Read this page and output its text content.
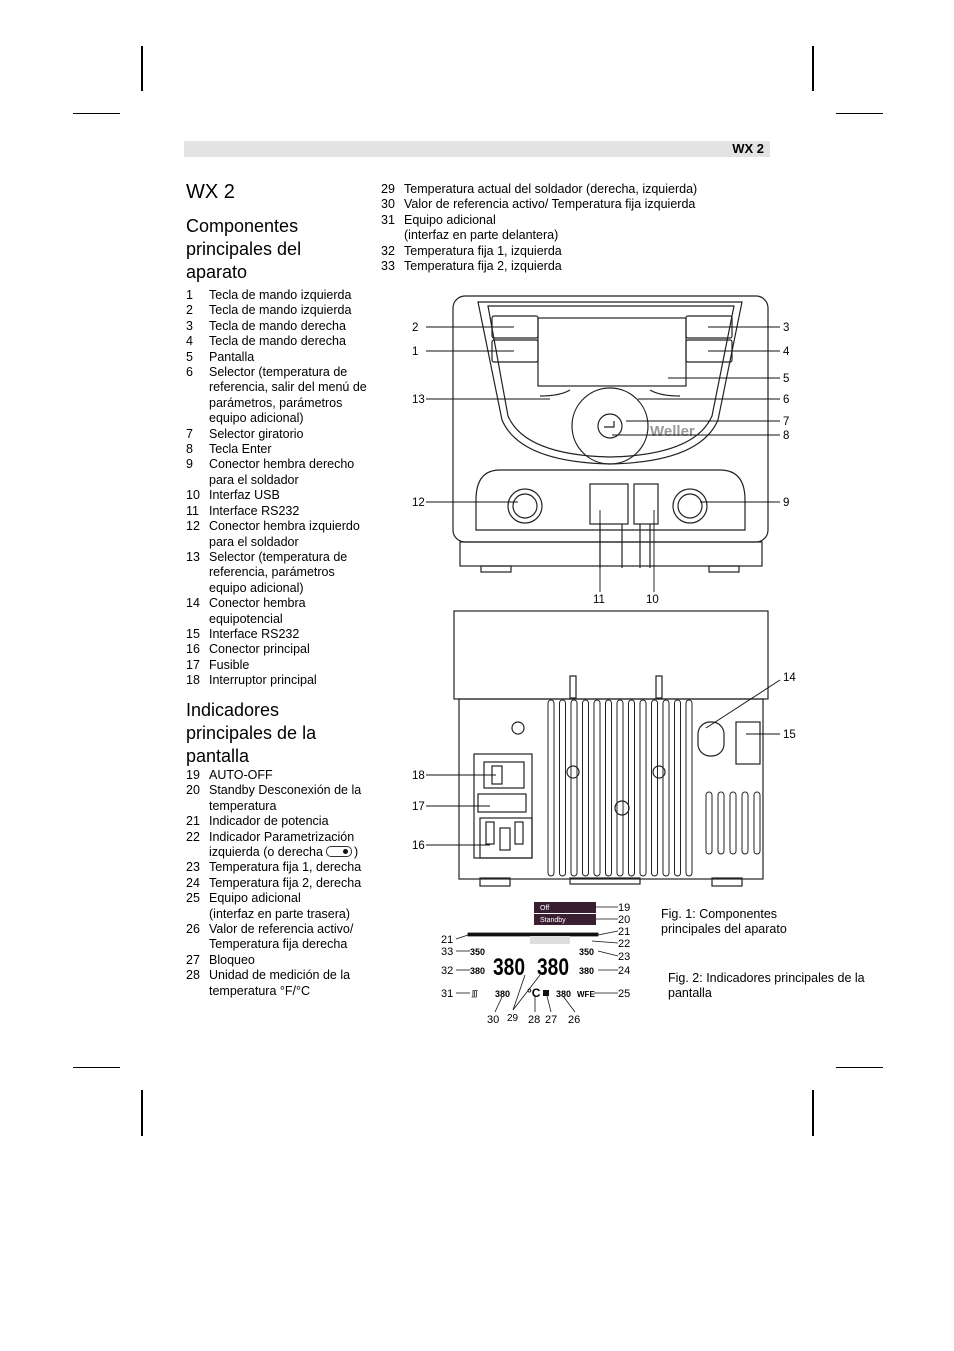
WX 2
WX 2
Componentes
principales del
aparato
1 Tecla de mando izquierda
2 Tecla de mando izquierda
3 Tecla de mando derecha
4 Tecla de mando derecha
5 Pantalla
6 Selector (temperatura de
referencia, salir del menú de
parámetros, parámetros
equipo adicional)
7 Selector giratorio
8 Tecla Enter
9 Conector hembra derecho
para el soldador
10 Interfaz USB
11 Interface RS232
12 Conector hembra izquierdo
para el soldador
13 Selector (temperatura de
referencia, parámetros
equipo adicional)
14 Conector hembra
equipotencial
15 Interface RS232
16 Conector principal
17 Fusible
18 Interruptor principal
Indicadores
principales de la
pantalla
19 AUTO-OFF
20 Standby Desconexión de la
temperatura
21 Indicador de potencia
22 Indicador Parametrización
izquierda (o derecha )
23 Temperatura fija 1, derecha
24 Temperatura fija 2, derecha
25 Equipo adicional
(interfaz en parte trasera)
26 Valor de referencia activo/
Temperatura fija derecha
27 Bloqueo
28 Unidad de medición de la
temperatura °F/°C
29 Temperatura actual del soldador (derecha, izquierda)
30 Valor de referencia activo/ Temperatura fija izquierda
31 Equipo adicional
(interfaz en parte delantera)
32 Temperatura fija 1, izquierda
33 Temperatura fija 2, izquierda
Weller
2
1
3
4
5
6
7
8
13
12	9
11	10
14
15
18
17
16
Off
Standby
350
380
350
380
380 380
ʃʃʃ 380 °C 380 WFE
19
20
21
22
23
24
25
21
33
32
31
30 29 28 27 26
Fig. 1: Componentes
principales del aparato
Fig. 2: Indicadores principales de la
pantalla
